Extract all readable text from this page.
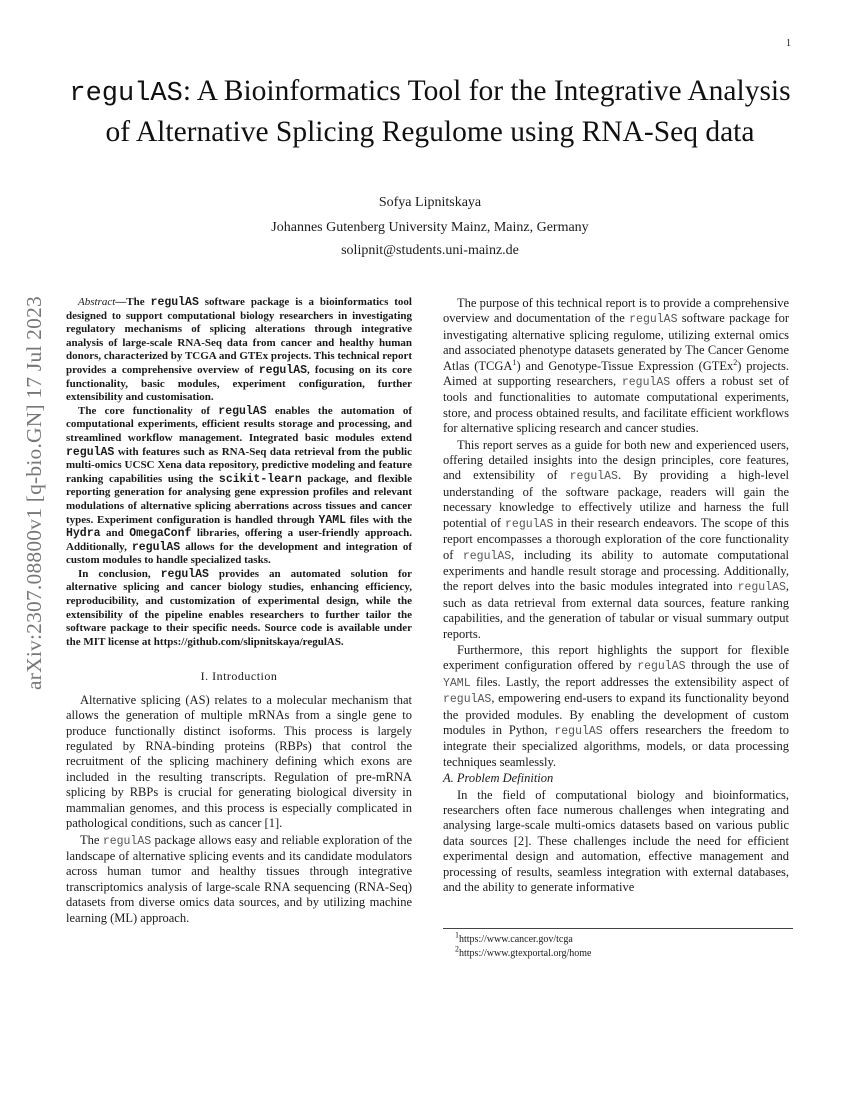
1
arXiv:2307.08800v1 [q-bio.GN] 17 Jul 2023
regulAS: A Bioinformatics Tool for the Integrative Analysis of Alternative Splicing Regulome using RNA-Seq data
Sofya Lipnitskaya
Johannes Gutenberg University Mainz, Mainz, Germany
solipnit@students.uni-mainz.de

Abstract—The regulAS software package is a bioinformatics tool designed to support computational biology researchers in investigating regulatory mechanisms of splicing alterations through integrative analysis of large-scale RNA-Seq data from cancer and healthy human donors, characterized by TCGA and GTEx projects. This technical report provides a comprehensive overview of regulAS, focusing on its core functionality, basic modules, experiment configuration, further extensibility and customisation.

The core functionality of regulAS enables the automation of computational experiments, efficient results storage and processing, and streamlined workflow management. Integrated basic modules extend regulAS with features such as RNA-Seq data retrieval from the public multi-omics UCSC Xena data repository, predictive modeling and feature ranking capabilities using the scikit-learn package, and flexible reporting generation for analysing gene expression profiles and relevant modulations of alternative splicing aberrations across tissues and cancer types. Experiment configuration is handled through YAML files with the Hydra and OmegaConf libraries, offering a user-friendly approach. Additionally, regulAS allows for the development and integration of custom modules to handle specialized tasks.

In conclusion, regulAS provides an automated solution for alternative splicing and cancer biology studies, enhancing efficiency, reproducibility, and customization of experimental design, while the extensibility of the pipeline enables researchers to further tailor the software package to their specific needs. Source code is available under the MIT license at https://github.com/slipnitskaya/regulAS.

I. Introduction

Alternative splicing (AS) relates to a molecular mechanism that allows the generation of multiple mRNAs from a single gene to produce functionally distinct isoforms. This process is largely regulated by RNA-binding proteins (RBPs) that control the recruitment of the splicing machinery defining which exons are included in the resulting transcripts. Regulation of pre-mRNA splicing by RBPs is crucial for generating biological diversity in mammalian genomes, and this process is especially complicated in pathological conditions, such as cancer [1].

The regulAS package allows easy and reliable exploration of the landscape of alternative splicing events and its candidate modulators across human tumor and healthy tissues through integrative transcriptomics analysis of large-scale RNA sequencing (RNA-Seq) datasets from diverse omics data sources, and by utilizing machine learning (ML) approach.

The purpose of this technical report is to provide a comprehensive overview and documentation of the regulAS software package for investigating alternative splicing regulome, utilizing external omics and associated phenotype datasets generated by The Cancer Genome Atlas (TCGA$^1$) and Genotype-Tissue Expression (GTEx$^2$) projects. Aimed at supporting researchers, regulAS offers a robust set of tools and functionalities to automate computational experiments, store, and process obtained results, and facilitate efficient workflows for alternative splicing research and cancer studies.

This report serves as a guide for both new and experienced users, offering detailed insights into the design principles, core features, and extensibility of regulAS. By providing a high-level understanding of the software package, readers will gain the necessary knowledge to effectively utilize and harness the full potential of regulAS in their research endeavors. The scope of this report encompasses a thorough exploration of the core functionality of regulAS, including its ability to automate computational experiments and handle result storage and processing. Additionally, the report delves into the basic modules integrated into regulAS, such as data retrieval from external data sources, feature ranking capabilities, and the generation of tabular or visual summary output reports.

Furthermore, this report highlights the support for flexible experiment configuration offered by regulAS through the use of YAML files. Lastly, the report addresses the extensibility aspect of regulAS, empowering end-users to expand its functionality beyond the provided modules. By enabling the development of custom modules in Python, regulAS offers researchers the freedom to integrate their specialized algorithms, models, or data processing techniques seamlessly.

A. Problem Definition

In the field of computational biology and bioinformatics, researchers often face numerous challenges when integrating and analysing large-scale multi-omics datasets based on various public data sources [2]. These challenges include the need for efficient experimental design and automation, effective management and processing of results, seamless integration with external databases, and the ability to generate informative

$^1$https://www.cancer.gov/tcga
$^2$https://www.gtexportal.org/home
